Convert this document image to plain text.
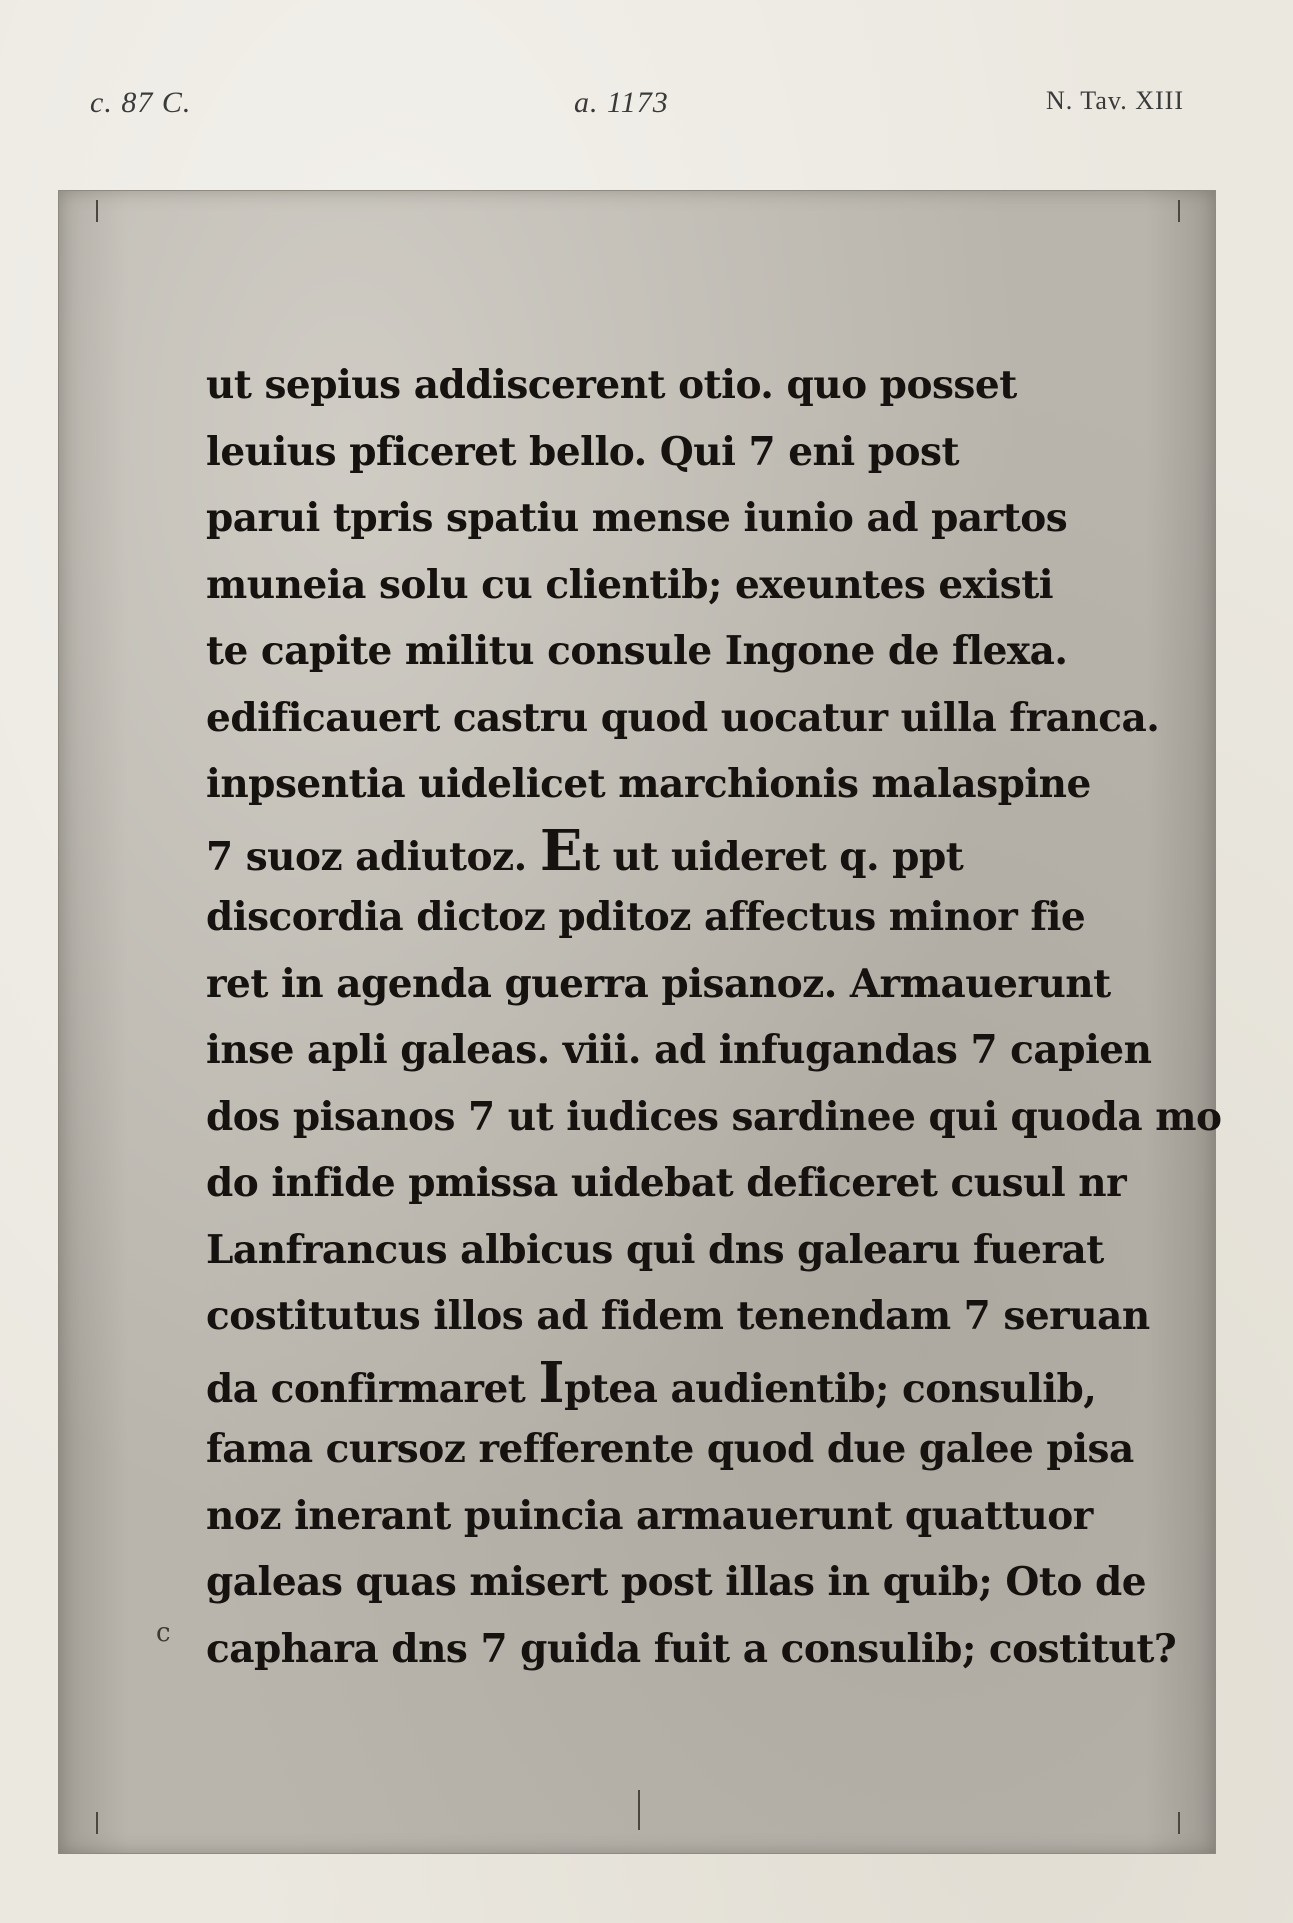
c. 87 C.	a. 1173	N. Tav. XIII
c
ut sepius addiscerent otio. quo posset
leuius pficeret bello. Qui 7 eni post
parui tpris spatiu mense iunio ad partos
muneia solu cu clientib; exeuntes existi
te capite militu consule Ingone de flexa.
edificauert castru quod uocatur uilla franca.
inpsentia uidelicet marchionis malaspine
7 suoz adiutoz. Et ut uideret q. ppt
discordia dictoz pditoz affectus minor fie
ret in agenda guerra pisanoz. Armauerunt
inse apli galeas. viii. ad infugandas 7 capien
dos pisanos 7 ut iudices sardinee qui quoda mo
do infide pmissa uidebat deficeret cusul nr
Lanfrancus albicus qui dns galearu fuerat
costitutus illos ad fidem tenendam 7 seruan
da confirmaret Iptea audientib; consulib,
fama cursoz refferente quod due galee pisa
noz inerant puincia armauerunt quattuor
galeas quas misert post illas in quib; Oto de
caphara dns 7 guida fuit a consulib; costitut?
